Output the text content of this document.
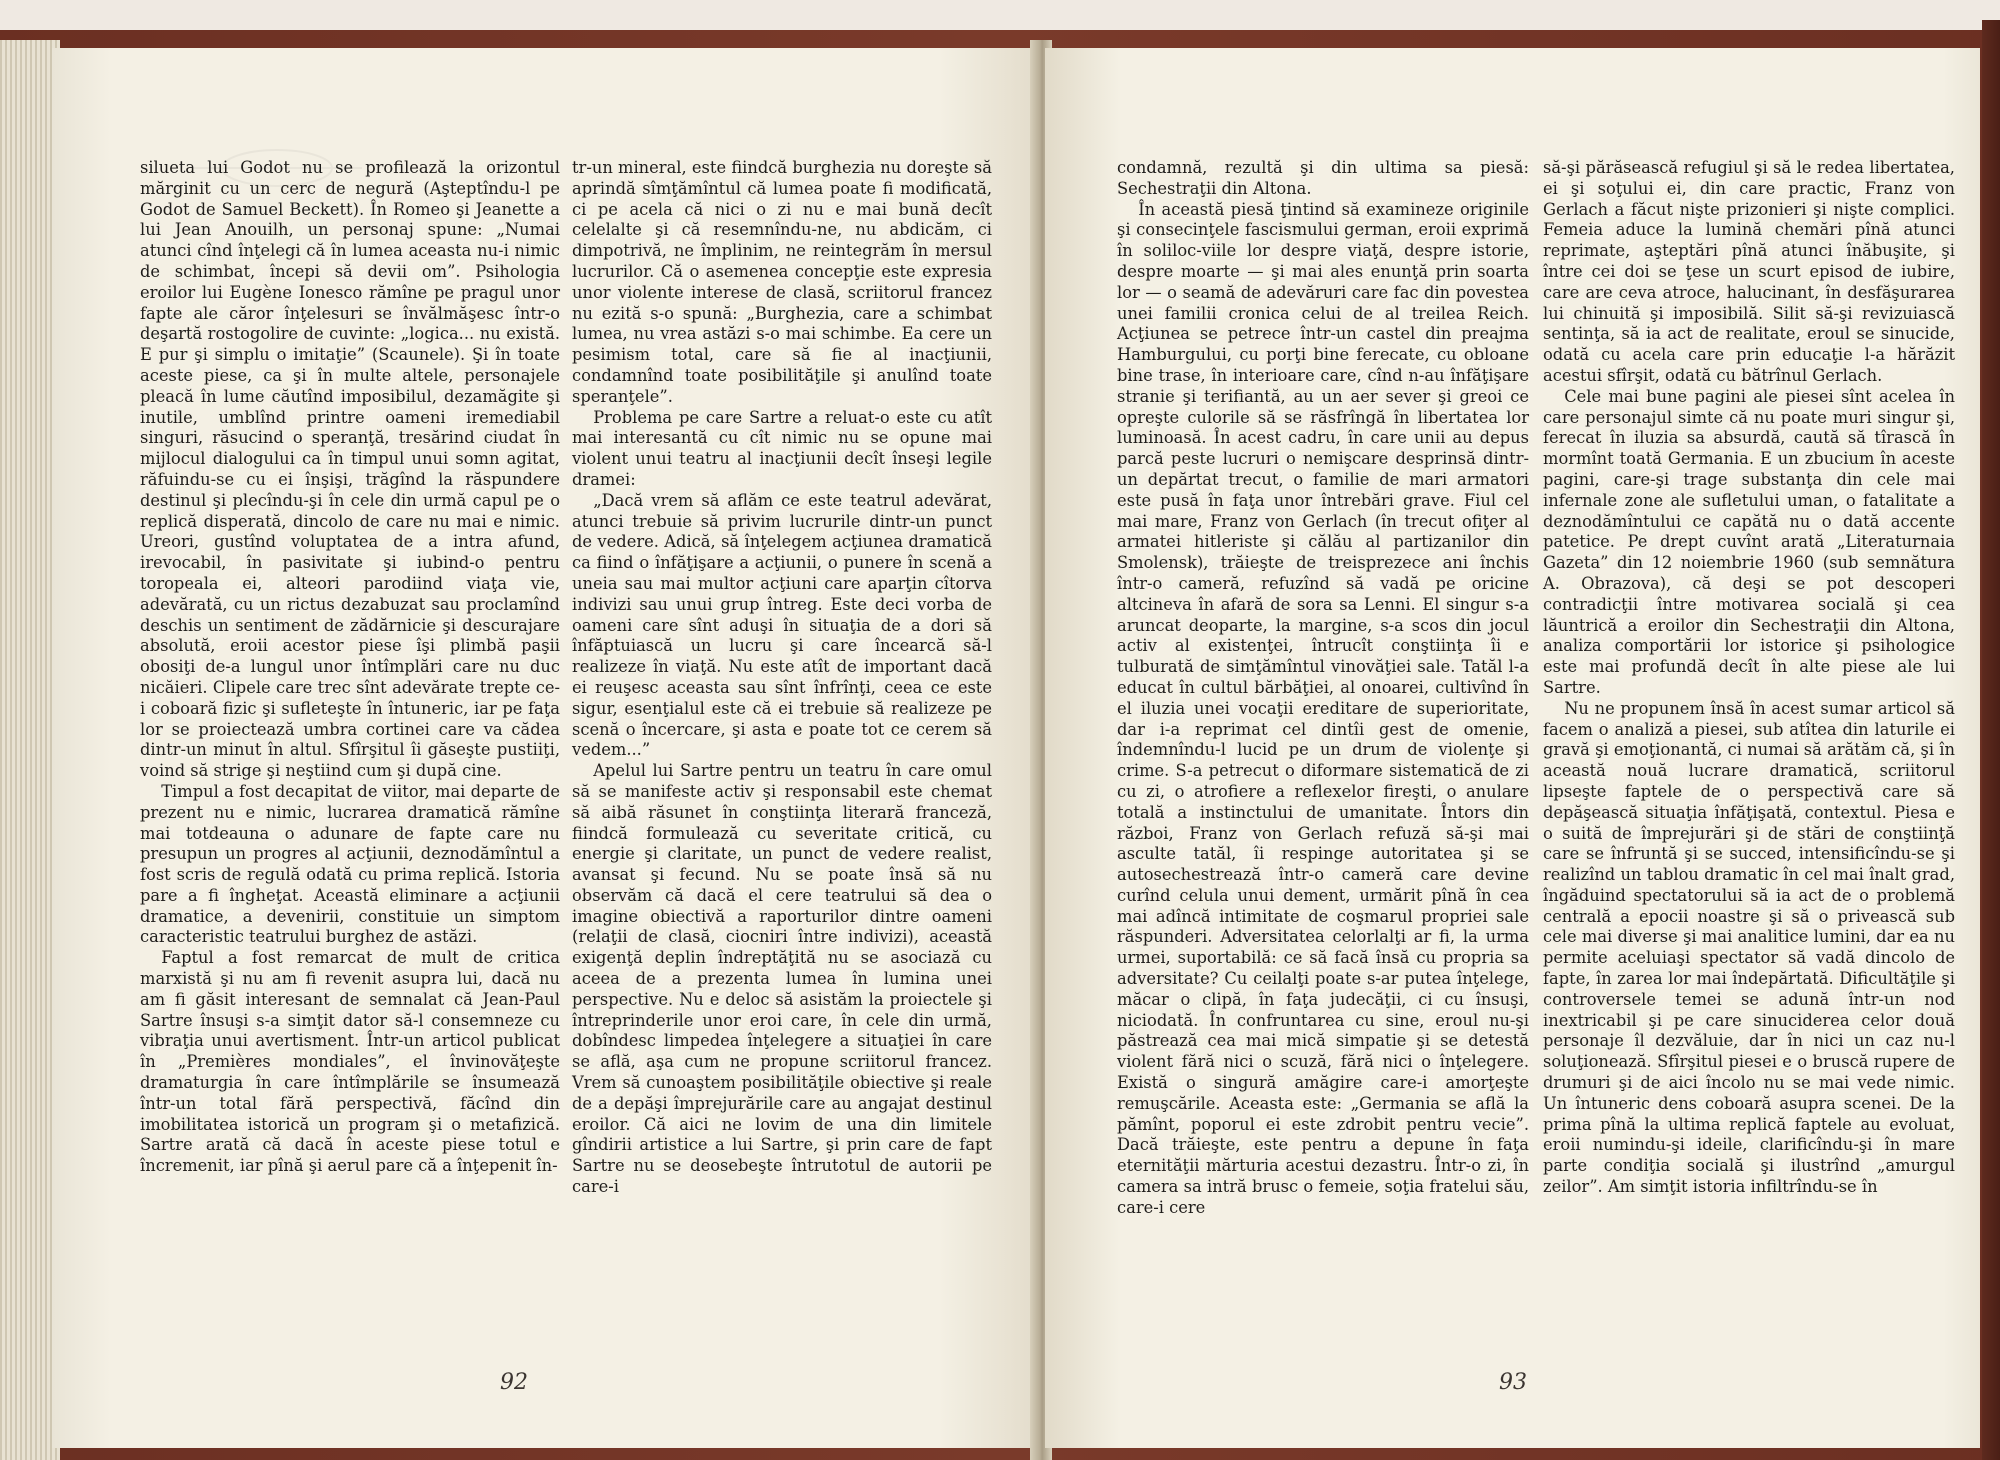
silueta lui Godot nu se profilează la orizontul mărginit cu un cerc de negură (Aşteptîndu-l pe Godot de Samuel Beckett). În Romeo şi Jeanette a lui Jean Anouilh, un personaj spune: „Numai atunci cînd înţelegi că în lumea aceasta nu-i nimic de schimbat, începi să devii om”. Psihologia eroilor lui Eugène Ionesco rămîne pe pragul unor fapte ale căror înţelesuri se învălmăşesc într-o deşartă rostogolire de cuvinte: „logica... nu există. E pur şi simplu o imitaţie” (Scaunele). Şi în toate aceste piese, ca şi în multe altele, personajele pleacă în lume căutînd imposibilul, dezamăgite şi inutile, umblînd printre oameni iremediabil singuri, răsucind o speranţă, tresărind ciudat în mijlocul dialogului ca în timpul unui somn agitat, răfuindu-se cu ei înşişi, trăgînd la răspundere destinul şi plecîndu-şi în cele din urmă capul pe o replică disperată, dincolo de care nu mai e nimic. Ureori, gustînd voluptatea de a intra afund, irevocabil, în pasivitate şi iubind-o pentru toropeala ei, alteori parodiind viaţa vie, adevărată, cu un rictus dezabuzat sau proclamînd deschis un sentiment de zădărnicie şi descurajare absolută, eroii acestor piese îşi plimbă paşii obosiţi de-a lungul unor întîmplări care nu duc nicăieri. Clipele care trec sînt adevărate trepte ce-i coboară fizic şi sufleteşte în întuneric, iar pe faţa lor se proiectează umbra cortinei care va cădea dintr-un minut în altul. Sfîrşitul îi găseşte pustiiţi, voind să strige şi neştiind cum şi după cine.

Timpul a fost decapitat de viitor, mai departe de prezent nu e nimic, lucrarea dramatică rămîne mai totdeauna o adunare de fapte care nu presupun un progres al acţiunii, deznodămîntul a fost scris de regulă odată cu prima replică. Istoria pare a fi îngheţat. Această eliminare a acţiunii dramatice, a devenirii, constituie un simptom caracteristic teatrului burghez de astăzi.

Faptul a fost remarcat de mult de critica marxistă şi nu am fi revenit asupra lui, dacă nu am fi găsit interesant de semnalat că Jean-Paul Sartre însuşi s-a simţit dator să-l consemneze cu vibraţia unui avertisment. Într-un articol publicat în „Premières mondiales”, el învinovăţeşte dramaturgia în care întîmplările se însumează într-un total fără perspectivă, făcînd din imobilitatea istorică un program şi o metafizică. Sartre arată că dacă în aceste piese totul e încremenit, iar pînă şi aerul pare că a înţepenit în-

tr-un mineral, este fiindcă burghezia nu doreşte să aprindă sîmţămîntul că lumea poate fi modificată, ci pe acela că nici o zi nu e mai bună decît celelalte şi că resemnîndu-ne, nu abdicăm, ci dimpotrivă, ne împlinim, ne reintegrăm în mersul lucrurilor. Că o asemenea concepţie este expresia unor violente interese de clasă, scriitorul francez nu ezită s-o spună: „Burghezia, care a schimbat lumea, nu vrea astăzi s-o mai schimbe. Ea cere un pesimism total, care să fie al inacţiunii, condamnînd toate posibilităţile şi anulînd toate speranţele”.

Problema pe care Sartre a reluat-o este cu atît mai interesantă cu cît nimic nu se opune mai violent unui teatru al inacţiunii decît înseşi legile dramei:

„Dacă vrem să aflăm ce este teatrul adevărat, atunci trebuie să privim lucrurile dintr-un punct de vedere. Adică, să înţelegem acţiunea dramatică ca fiind o înfăţişare a acţiunii, o punere în scenă a uneia sau mai multor acţiuni care aparţin cîtorva indivizi sau unui grup întreg. Este deci vorba de oameni care sînt aduşi în situaţia de a dori să înfăptuiască un lucru şi care încearcă să-l realizeze în viaţă. Nu este atît de important dacă ei reuşesc aceasta sau sînt înfrînţi, ceea ce este sigur, esenţialul este că ei trebuie să realizeze pe scenă o încercare, şi asta e poate tot ce cerem să vedem...”

Apelul lui Sartre pentru un teatru în care omul să se manifeste activ şi responsabil este chemat să aibă răsunet în conştiinţa literară franceză, fiindcă formulează cu severitate critică, cu energie şi claritate, un punct de vedere realist, avansat şi fecund. Nu se poate însă să nu observăm că dacă el cere teatrului să dea o imagine obiectivă a raporturilor dintre oameni (relaţii de clasă, ciocniri între indivizi), această exigenţă deplin îndreptăţită nu se asociază cu aceea de a prezenta lumea în lumina unei perspective. Nu e deloc să asistăm la proiectele şi întreprinderile unor eroi care, în cele din urmă, dobîndesc limpedea înţelegere a situaţiei în care se află, aşa cum ne propune scriitorul francez. Vrem să cunoaştem posibilităţile obiective şi reale de a depăşi împrejurările care au angajat destinul eroilor. Că aici ne lovim de una din limitele gîndirii artistice a lui Sartre, şi prin care de fapt Sartre nu se deosebeşte întrutotul de autorii pe care-i

92

condamnă, rezultă şi din ultima sa piesă: Sechestraţii din Altona.

În această piesă ţintind să examineze originile şi consecinţele fascismului german, eroii exprimă în soliloc-viile lor despre viaţă, despre istorie, despre moarte — şi mai ales enunţă prin soarta lor — o seamă de adevăruri care fac din povestea unei familii cronica celui de al treilea Reich. Acţiunea se petrece într-un castel din preajma Hamburgului, cu porţi bine ferecate, cu obloane bine trase, în interioare care, cînd n-au înfăţişare stranie şi terifiantă, au un aer sever şi greoi ce opreşte culorile să se răsfrîngă în libertatea lor luminoasă. În acest cadru, în care unii au depus parcă peste lucruri o nemişcare desprinsă dintr-un depărtat trecut, o familie de mari armatori este pusă în faţa unor întrebări grave. Fiul cel mai mare, Franz von Gerlach (în trecut ofiţer al armatei hitleriste şi călău al partizanilor din Smolensk), trăieşte de treisprezece ani închis într-o cameră, refuzînd să vadă pe oricine altcineva în afară de sora sa Lenni. El singur s-a aruncat deoparte, la margine, s-a scos din jocul activ al existenţei, întrucît conştiinţa îi e tulburată de simţămîntul vinovăţiei sale. Tatăl l-a educat în cultul bărbăţiei, al onoarei, cultivînd în el iluzia unei vocaţii ereditare de superioritate, dar i-a reprimat cel dintîi gest de omenie, îndemnîndu-l lucid pe un drum de violenţe şi crime. S-a petrecut o diformare sistematică de zi cu zi, o atrofiere a reflexelor fireşti, o anulare totală a instinctului de umanitate. Întors din război, Franz von Gerlach refuză să-şi mai asculte tatăl, îi respinge autoritatea şi se autosechestrează într-o cameră care devine curînd celula unui dement, urmărit pînă în cea mai adîncă intimitate de coşmarul propriei sale răspunderi. Adversitatea celorlalţi ar fi, la urma urmei, suportabilă: ce să facă însă cu propria sa adversitate? Cu ceilalţi poate s-ar putea înţelege, măcar o clipă, în faţa judecăţii, ci cu însuşi, niciodată. În confruntarea cu sine, eroul nu-şi păstrează cea mai mică simpatie şi se detestă violent fără nici o scuză, fără nici o înţelegere. Există o singură amăgire care-i amorţeşte remuşcările. Aceasta este: „Germania se află la pămînt, poporul ei este zdrobit pentru vecie”. Dacă trăieşte, este pentru a depune în faţa eternităţii mărturia acestui dezastru. Într-o zi, în camera sa intră brusc o femeie, soţia fratelui său, care-i cere

să-şi părăsească refugiul şi să le redea libertatea, ei şi soţului ei, din care practic, Franz von Gerlach a făcut nişte prizonieri şi nişte complici. Femeia aduce la lumină chemări pînă atunci reprimate, aşteptări pînă atunci înăbuşite, şi între cei doi se ţese un scurt episod de iubire, care are ceva atroce, halucinant, în desfăşurarea lui chinuită şi imposibilă. Silit să-şi revizuiască sentinţa, să ia act de realitate, eroul se sinucide, odată cu acela care prin educaţie l-a hărăzit acestui sfîrşit, odată cu bătrînul Gerlach.

Cele mai bune pagini ale piesei sînt acelea în care personajul simte că nu poate muri singur şi, ferecat în iluzia sa absurdă, caută să tîrască în mormînt toată Germania. E un zbucium în aceste pagini, care-şi trage substanţa din cele mai infernale zone ale sufletului uman, o fatalitate a deznodămîntului ce capătă nu o dată accente patetice. Pe drept cuvînt arată „Literaturnaia Gazeta” din 12 noiembrie 1960 (sub semnătura A. Obrazova), că deşi se pot descoperi contradicţii între motivarea socială şi cea lăuntrică a eroilor din Sechestraţii din Altona, analiza comportării lor istorice şi psihologice este mai profundă decît în alte piese ale lui Sartre.

Nu ne propunem însă în acest sumar articol să facem o analiză a piesei, sub atîtea din laturile ei gravă şi emoţionantă, ci numai să arătăm că, şi în această nouă lucrare dramatică, scriitorul lipseşte faptele de o perspectivă care să depăşească situaţia înfăţişată, contextul. Piesa e o suită de împrejurări şi de stări de conştiinţă care se înfruntă şi se succed, intensificîndu-se şi realizînd un tablou dramatic în cel mai înalt grad, îngăduind spectatorului să ia act de o problemă centrală a epocii noastre şi să o privească sub cele mai diverse şi mai analitice lumini, dar ea nu permite aceluiaşi spectator să vadă dincolo de fapte, în zarea lor mai îndepărtată. Dificultăţile şi controversele temei se adună într-un nod inextricabil şi pe care sinuciderea celor două personaje îl dezvăluie, dar în nici un caz nu-l soluţionează. Sfîrşitul piesei e o bruscă rupere de drumuri şi de aici încolo nu se mai vede nimic. Un întuneric dens coboară asupra scenei. De la prima pînă la ultima replică faptele au evoluat, eroii numindu-şi ideile, clarificîndu-şi în mare parte condiţia socială şi ilustrînd „amurgul zeilor”. Am simţit istoria infiltrîndu-se în

93
